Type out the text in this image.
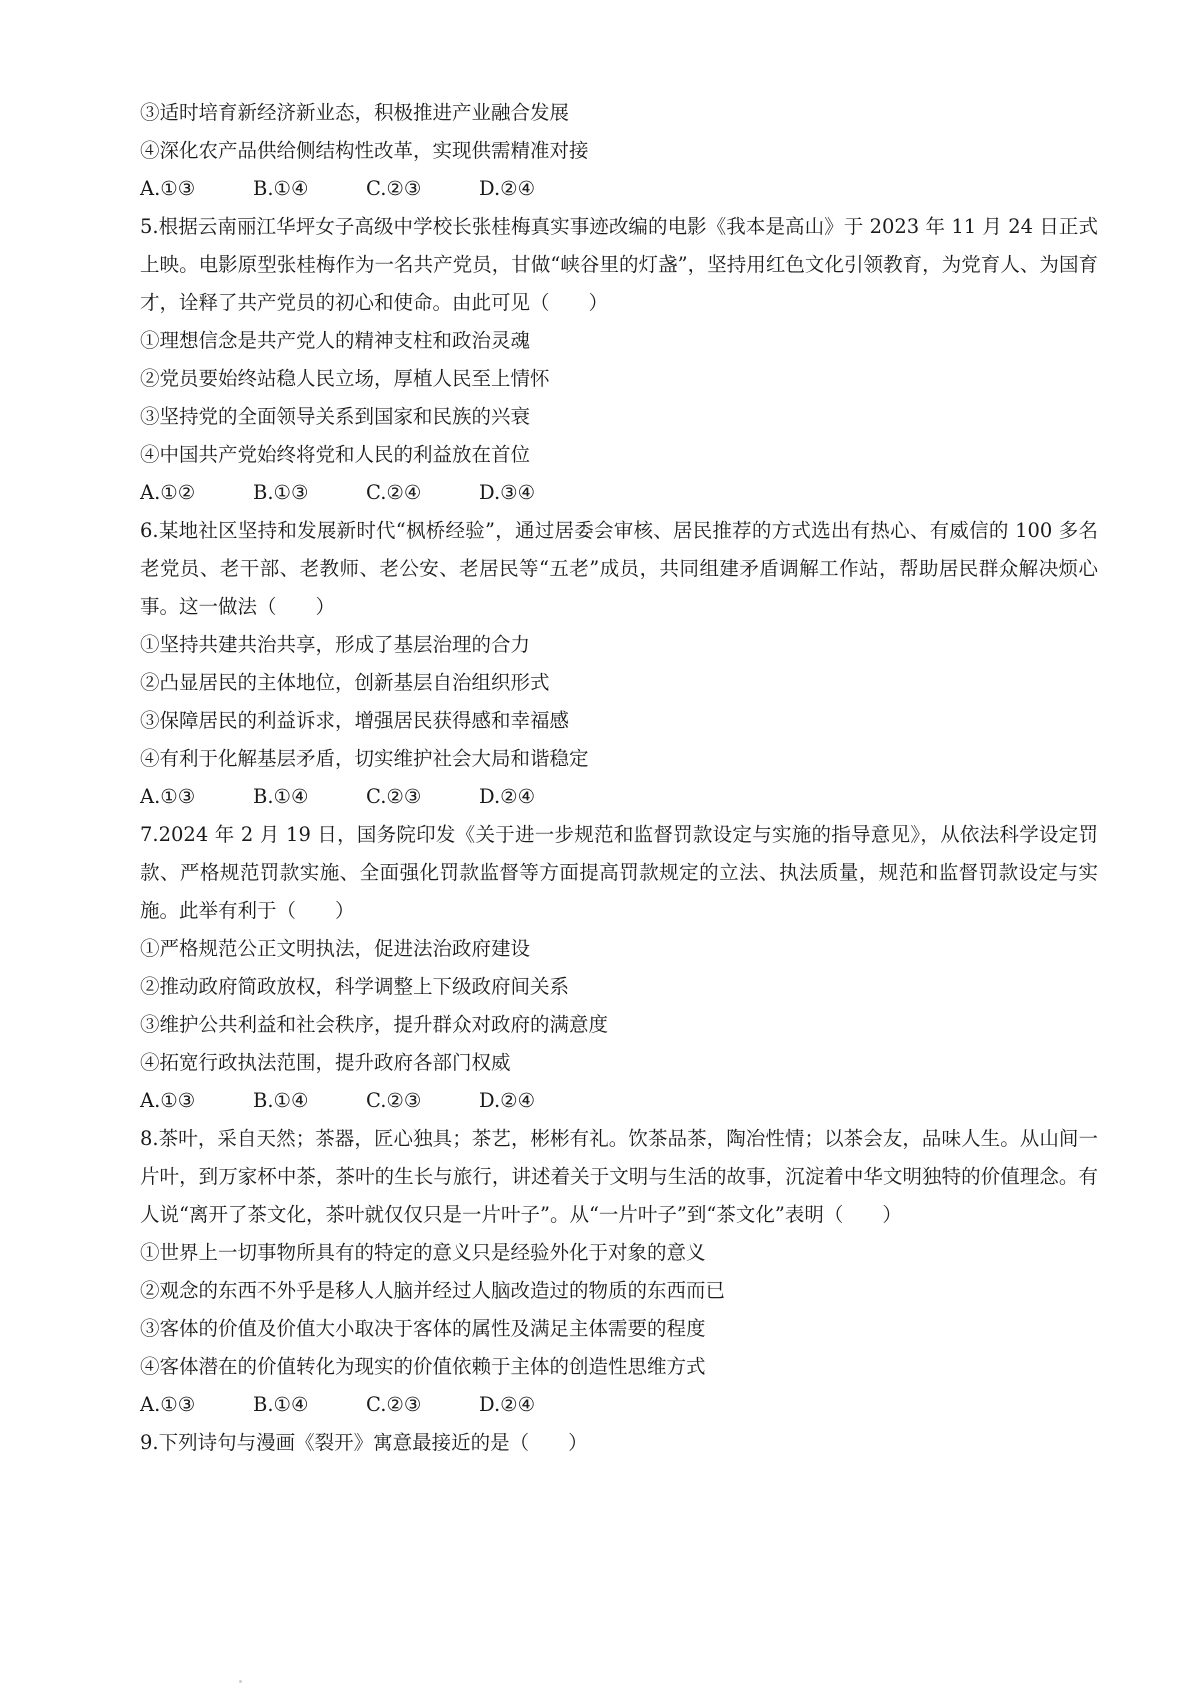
③适时培育新经济新业态，积极推进产业融合发展
④深化农产品供给侧结构性改革，实现供需精准对接
A.①③	B.①④	C.②③	D.②④
5.根据云南丽江华坪女子高级中学校长张桂梅真实事迹改编的电影《我本是高山》于 2023 年 11 月 24 日正式上映。电影原型张桂梅作为一名共产党员，甘做“峡谷里的灯盏”，坚持用红色文化引领教育，为党育人、为国育才，诠释了共产党员的初心和使命。由此可见（　　）
①理想信念是共产党人的精神支柱和政治灵魂
②党员要始终站稳人民立场，厚植人民至上情怀
③坚持党的全面领导关系到国家和民族的兴衰
④中国共产党始终将党和人民的利益放在首位
A.①②	B.①③	C.②④	D.③④
6.某地社区坚持和发展新时代“枫桥经验”，通过居委会审核、居民推荐的方式选出有热心、有威信的 100 多名老党员、老干部、老教师、老公安、老居民等“五老”成员，共同组建矛盾调解工作站，帮助居民群众解决烦心事。这一做法（　　）
①坚持共建共治共享，形成了基层治理的合力
②凸显居民的主体地位，创新基层自治组织形式
③保障居民的利益诉求，增强居民获得感和幸福感
④有利于化解基层矛盾，切实维护社会大局和谐稳定
A.①③	B.①④	C.②③	D.②④
7.2024 年 2 月 19 日，国务院印发《关于进一步规范和监督罚款设定与实施的指导意见》，从依法科学设定罚款、严格规范罚款实施、全面强化罚款监督等方面提高罚款规定的立法、执法质量，规范和监督罚款设定与实施。此举有利于（　　）
①严格规范公正文明执法，促进法治政府建设
②推动政府简政放权，科学调整上下级政府间关系
③维护公共利益和社会秩序，提升群众对政府的满意度
④拓宽行政执法范围，提升政府各部门权威
A.①③	B.①④	C.②③	D.②④
8.茶叶，采自天然；茶器，匠心独具；茶艺，彬彬有礼。饮茶品茶，陶冶性情；以茶会友，品味人生。从山间一片叶，到万家杯中茶，茶叶的生长与旅行，讲述着关于文明与生活的故事，沉淀着中华文明独特的价值理念。有人说“离开了茶文化，茶叶就仅仅只是一片叶子”。从“一片叶子”到“茶文化”表明（　　）
①世界上一切事物所具有的特定的意义只是经验外化于对象的意义
②观念的东西不外乎是移人人脑并经过人脑改造过的物质的东西而已
③客体的价值及价值大小取决于客体的属性及满足主体需要的程度
④客体潜在的价值转化为现实的价值依赖于主体的创造性思维方式
A.①③	B.①④	C.②③	D.②④
9.下列诗句与漫画《裂开》寓意最接近的是（　　）
